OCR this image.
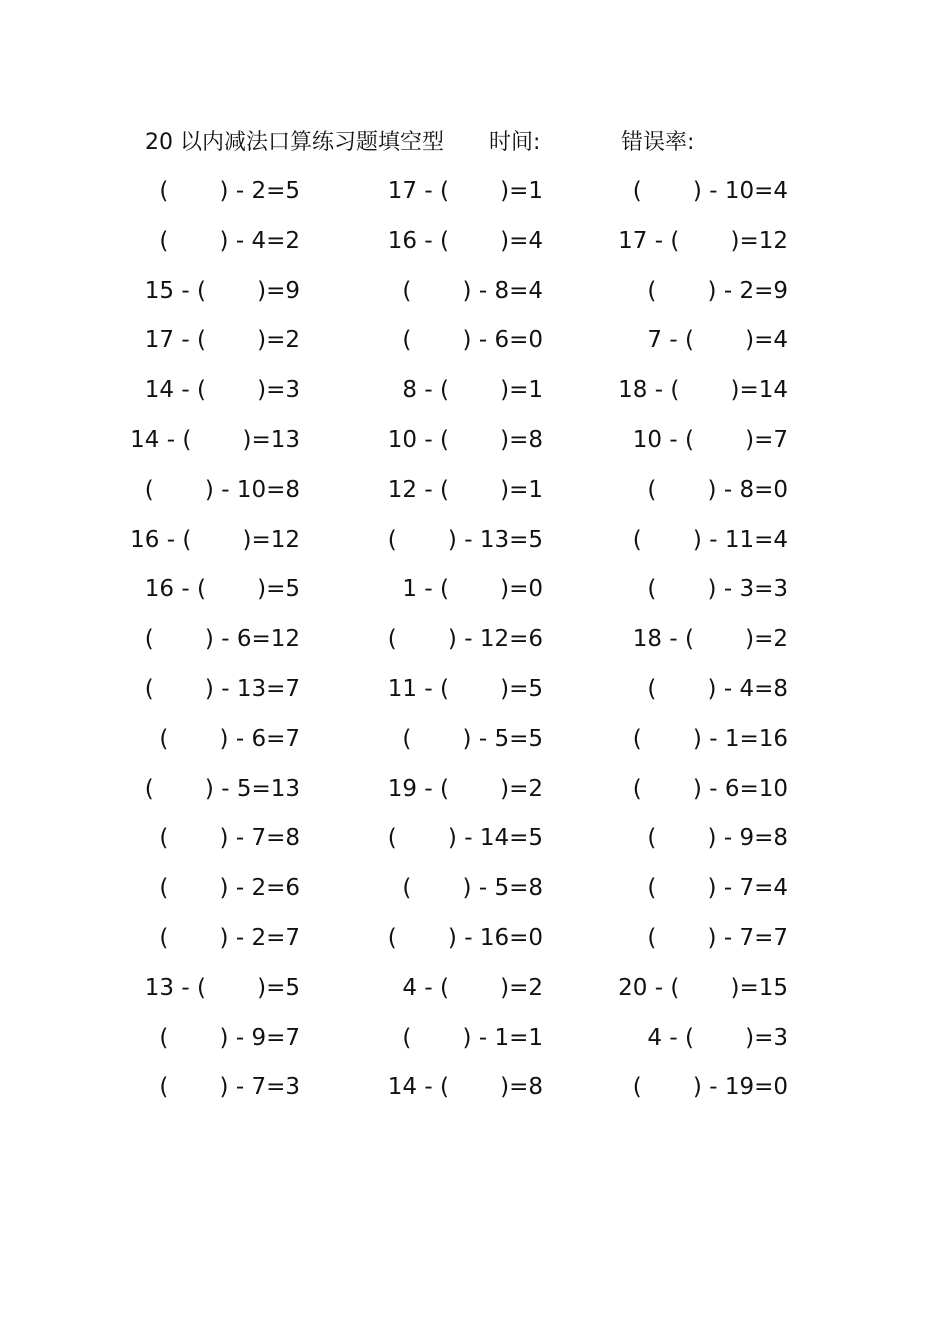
20 以内减法口算练习题填空型

时间:

	错误率:

(       ) - 2=5
(       ) - 4=2
15 - (       )=9
17 - (       )=2
14 - (       )=3
14 - (       )=13
(       ) - 10=8
16 - (       )=12
16 - (       )=5
(       ) - 6=12
(       ) - 13=7
(       ) - 6=7
(       ) - 5=13
(       ) - 7=8
(       ) - 2=6
(       ) - 2=7
13 - (       )=5
(       ) - 9=7
(       ) - 7=3
17 - (       )=1
16 - (       )=4
(       ) - 8=4
(       ) - 6=0
8 - (       )=1
10 - (       )=8
12 - (       )=1
(       ) - 13=5
1 - (       )=0
(       ) - 12=6
11 - (       )=5
(       ) - 5=5
19 - (       )=2
(       ) - 14=5
(       ) - 5=8
(       ) - 16=0
4 - (       )=2
(       ) - 1=1
14 - (       )=8
(       ) - 10=4
17 - (       )=12
(       ) - 2=9
7 - (       )=4
18 - (       )=14
10 - (       )=7
(       ) - 8=0
(       ) - 11=4
(       ) - 3=3
18 - (       )=2
(       ) - 4=8
(       ) - 1=16
(       ) - 6=10
(       ) - 9=8
(       ) - 7=4
(       ) - 7=7
20 - (       )=15
4 - (       )=3
(       ) - 19=0
